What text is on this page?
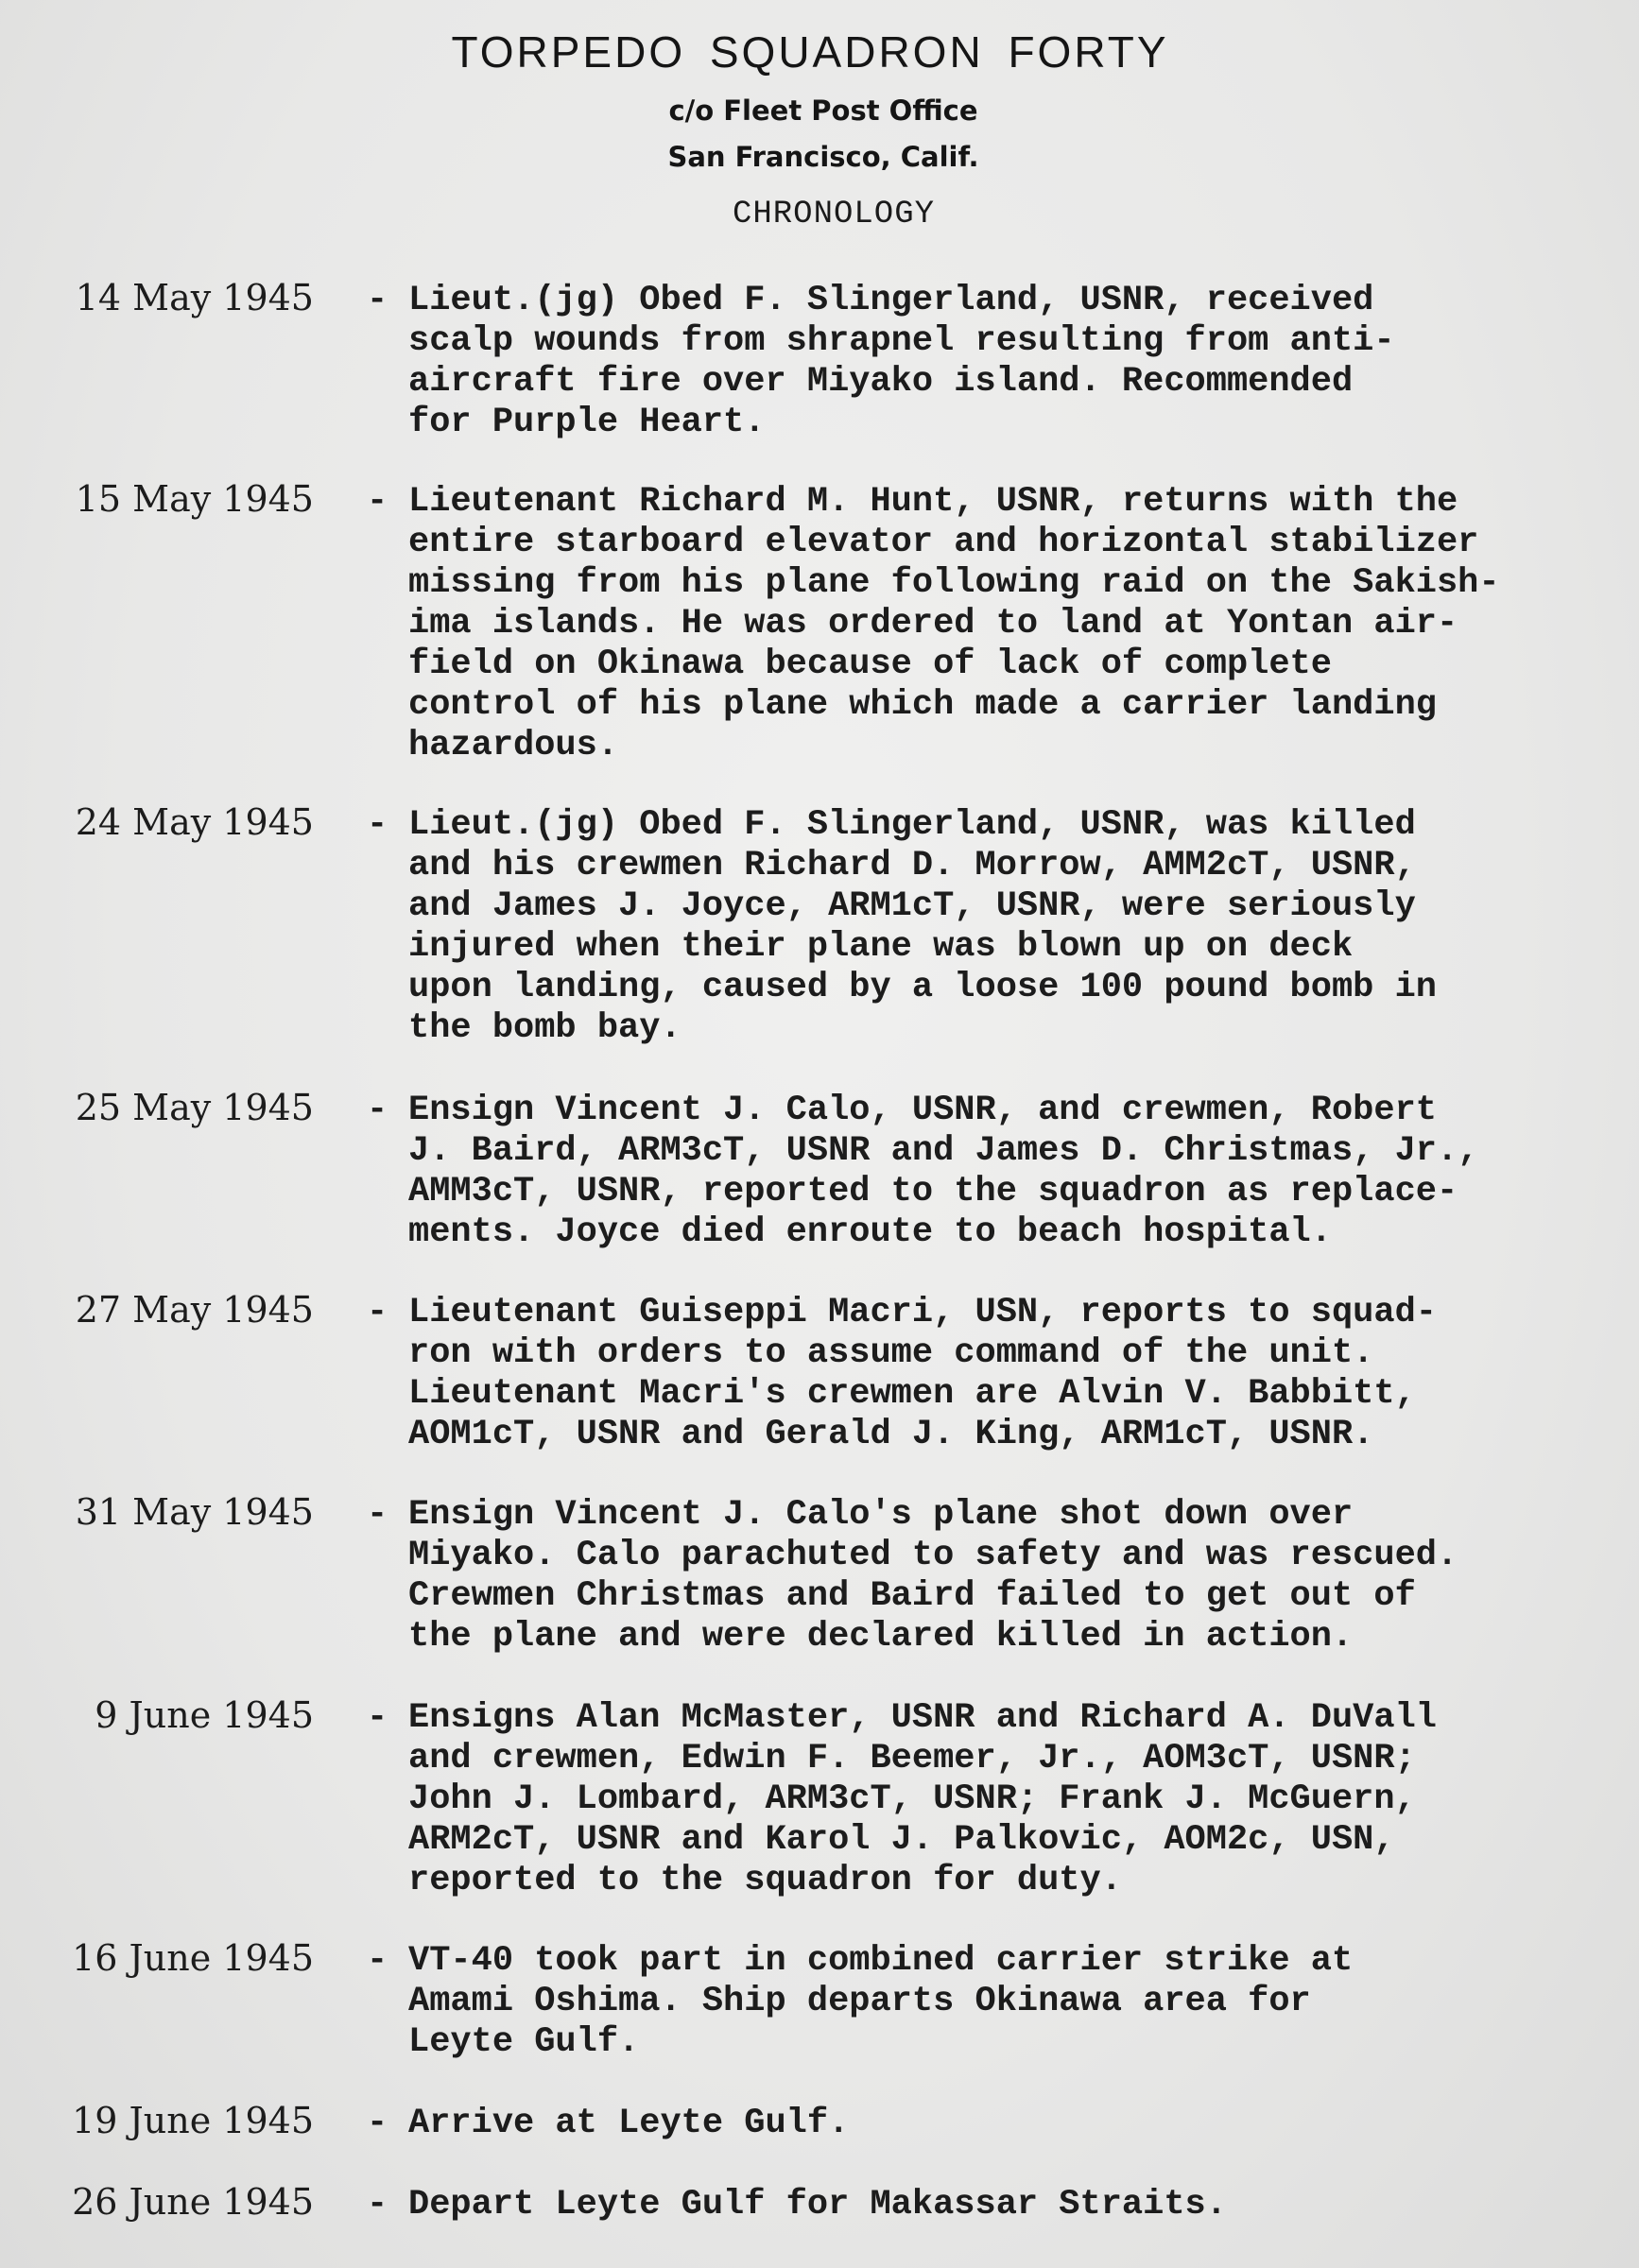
TORPEDO SQUADRON FORTY
c/o Fleet Post Office
San Francisco, Calif.
CHRONOLOGY
14 May 1945 - Lieut.(jg) Obed F. Slingerland, USNR, received
scalp wounds from shrapnel resulting from anti-
aircraft fire over Miyako island. Recommended
for Purple Heart.
15 May 1945 - Lieutenant Richard M. Hunt, USNR, returns with the
entire starboard elevator and horizontal stabilizer
missing from his plane following raid on the Sakish-
ima islands. He was ordered to land at Yontan air-
field on Okinawa because of lack of complete
control of his plane which made a carrier landing
hazardous.
24 May 1945 - Lieut.(jg) Obed F. Slingerland, USNR, was killed
and his crewmen Richard D. Morrow, AMM2cT, USNR,
and James J. Joyce, ARM1cT, USNR, were seriously
injured when their plane was blown up on deck
upon landing, caused by a loose 100 pound bomb in
the bomb bay.
25 May 1945 - Ensign Vincent J. Calo, USNR, and crewmen, Robert
J. Baird, ARM3cT, USNR and James D. Christmas, Jr.,
AMM3cT, USNR, reported to the squadron as replace-
ments. Joyce died enroute to beach hospital.
27 May 1945 - Lieutenant Guiseppi Macri, USN, reports to squad-
ron with orders to assume command of the unit.
Lieutenant Macri's crewmen are Alvin V. Babbitt,
AOM1cT, USNR and Gerald J. King, ARM1cT, USNR.
31 May 1945 - Ensign Vincent J. Calo's plane shot down over
Miyako. Calo parachuted to safety and was rescued.
Crewmen Christmas and Baird failed to get out of
the plane and were declared killed in action.
9 June 1945 - Ensigns Alan McMaster, USNR and Richard A. DuVall
and crewmen, Edwin F. Beemer, Jr., AOM3cT, USNR;
John J. Lombard, ARM3cT, USNR; Frank J. McGuern,
ARM2cT, USNR and Karol J. Palkovic, AOM2c, USN,
reported to the squadron for duty.
16 June 1945 - VT-40 took part in combined carrier strike at
Amami Oshima. Ship departs Okinawa area for
Leyte Gulf.
19 June 1945 - Arrive at Leyte Gulf.
26 June 1945 - Depart Leyte Gulf for Makassar Straits.
